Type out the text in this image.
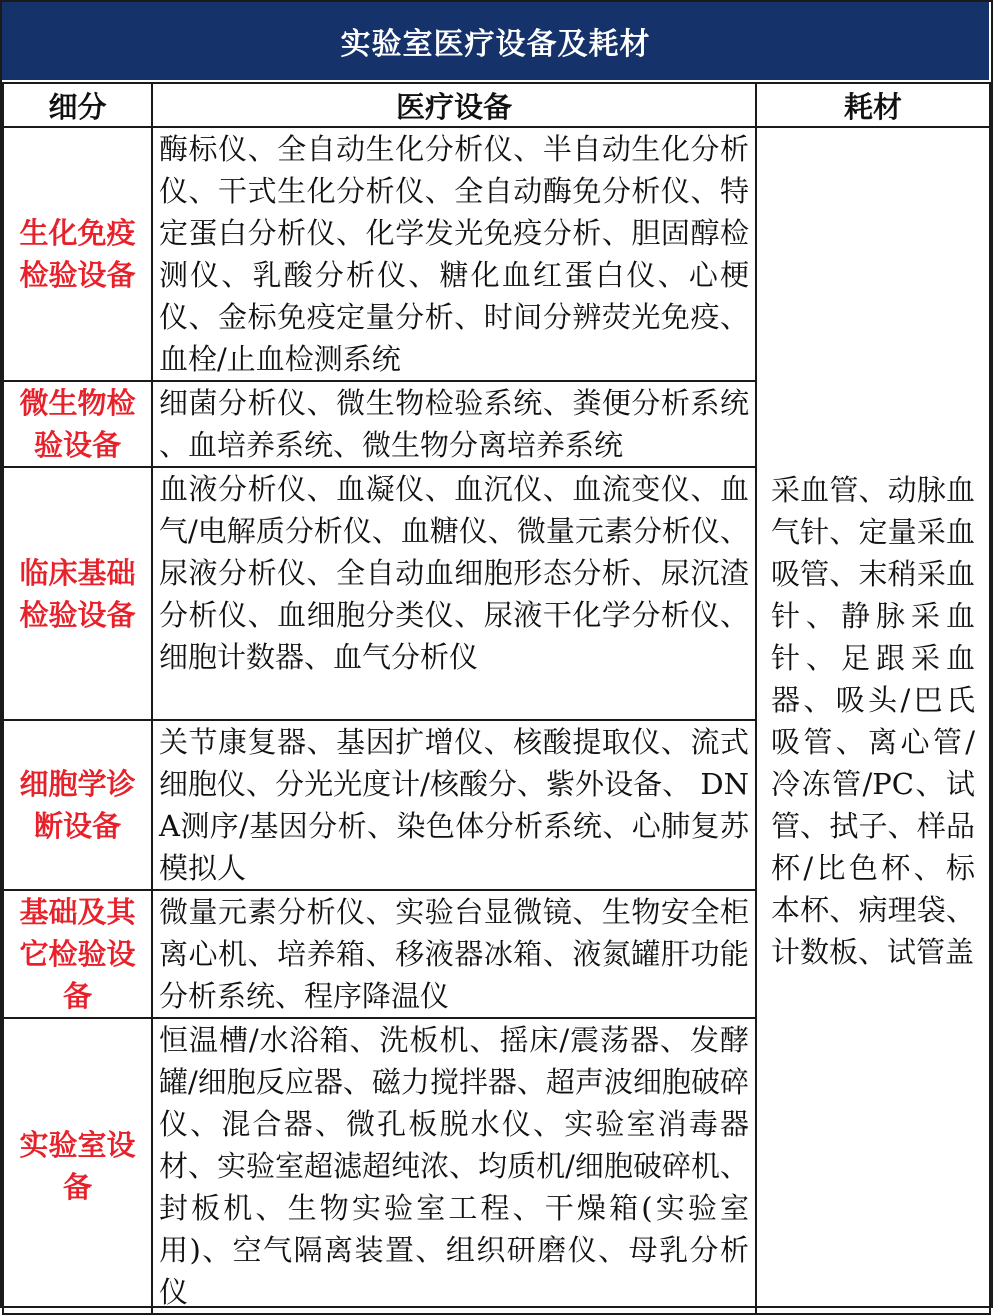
实验室医疗设备及耗材
细分	医疗设备	耗材
生化免疫检验设备	酶标仪、全自动生化分析仪、半自动生化分析仪、干式生化分析仪、全自动酶免分析仪、特定蛋白分析仪、化学发光免疫分析、胆固醇检测仪、乳酸分析仪、糖化血红蛋白仪、心梗仪、金标免疫定量分析、时间分辨荧光免疫、血栓/止血检测系统	采血管、动脉血气针、定量采血吸管、末稍采血针、静脉采血针、足跟采血器、吸头/巴氏吸管、离心管/冷冻管/PC、试管、拭子、样品杯/比色杯、标本杯、病理袋、计数板、试管盖
微生物检验设备	细菌分析仪、微生物检验系统、粪便分析系统 、血培养系统、微生物分离培养系统	
临床基础检验设备	血液分析仪、血凝仪、血沉仪、血流变仪、血气/电解质分析仪、血糖仪、微量元素分析仪、尿液分析仪、全自动血细胞形态分析、尿沉渣分析仪、血细胞分类仪、尿液干化学分析仪、细胞计数器、血气分析仪	
细胞学诊断设备	关节康复器、基因扩增仪、核酸提取仪、流式细胞仪、分光光度计/核酸分、紫外设备、 DNA测序/基因分析、染色体分析系统、心肺复苏模拟人	
基础及其它检验设备	微量元素分析仪、实验台显微镜、生物安全柜离心机、培养箱、移液器冰箱、液氮罐肝功能分析系统、程序降温仪	
实验室设备	恒温槽/水浴箱、洗板机、摇床/震荡器、发酵罐/细胞反应器、磁力搅拌器、超声波细胞破碎仪、混合器、微孔板脱水仪、实验室消毒器材、实验室超滤超纯浓、均质机/细胞破碎机、封板机、生物实验室工程、干燥箱(实验室用)、空气隔离装置、组织研磨仪、母乳分析仪	
